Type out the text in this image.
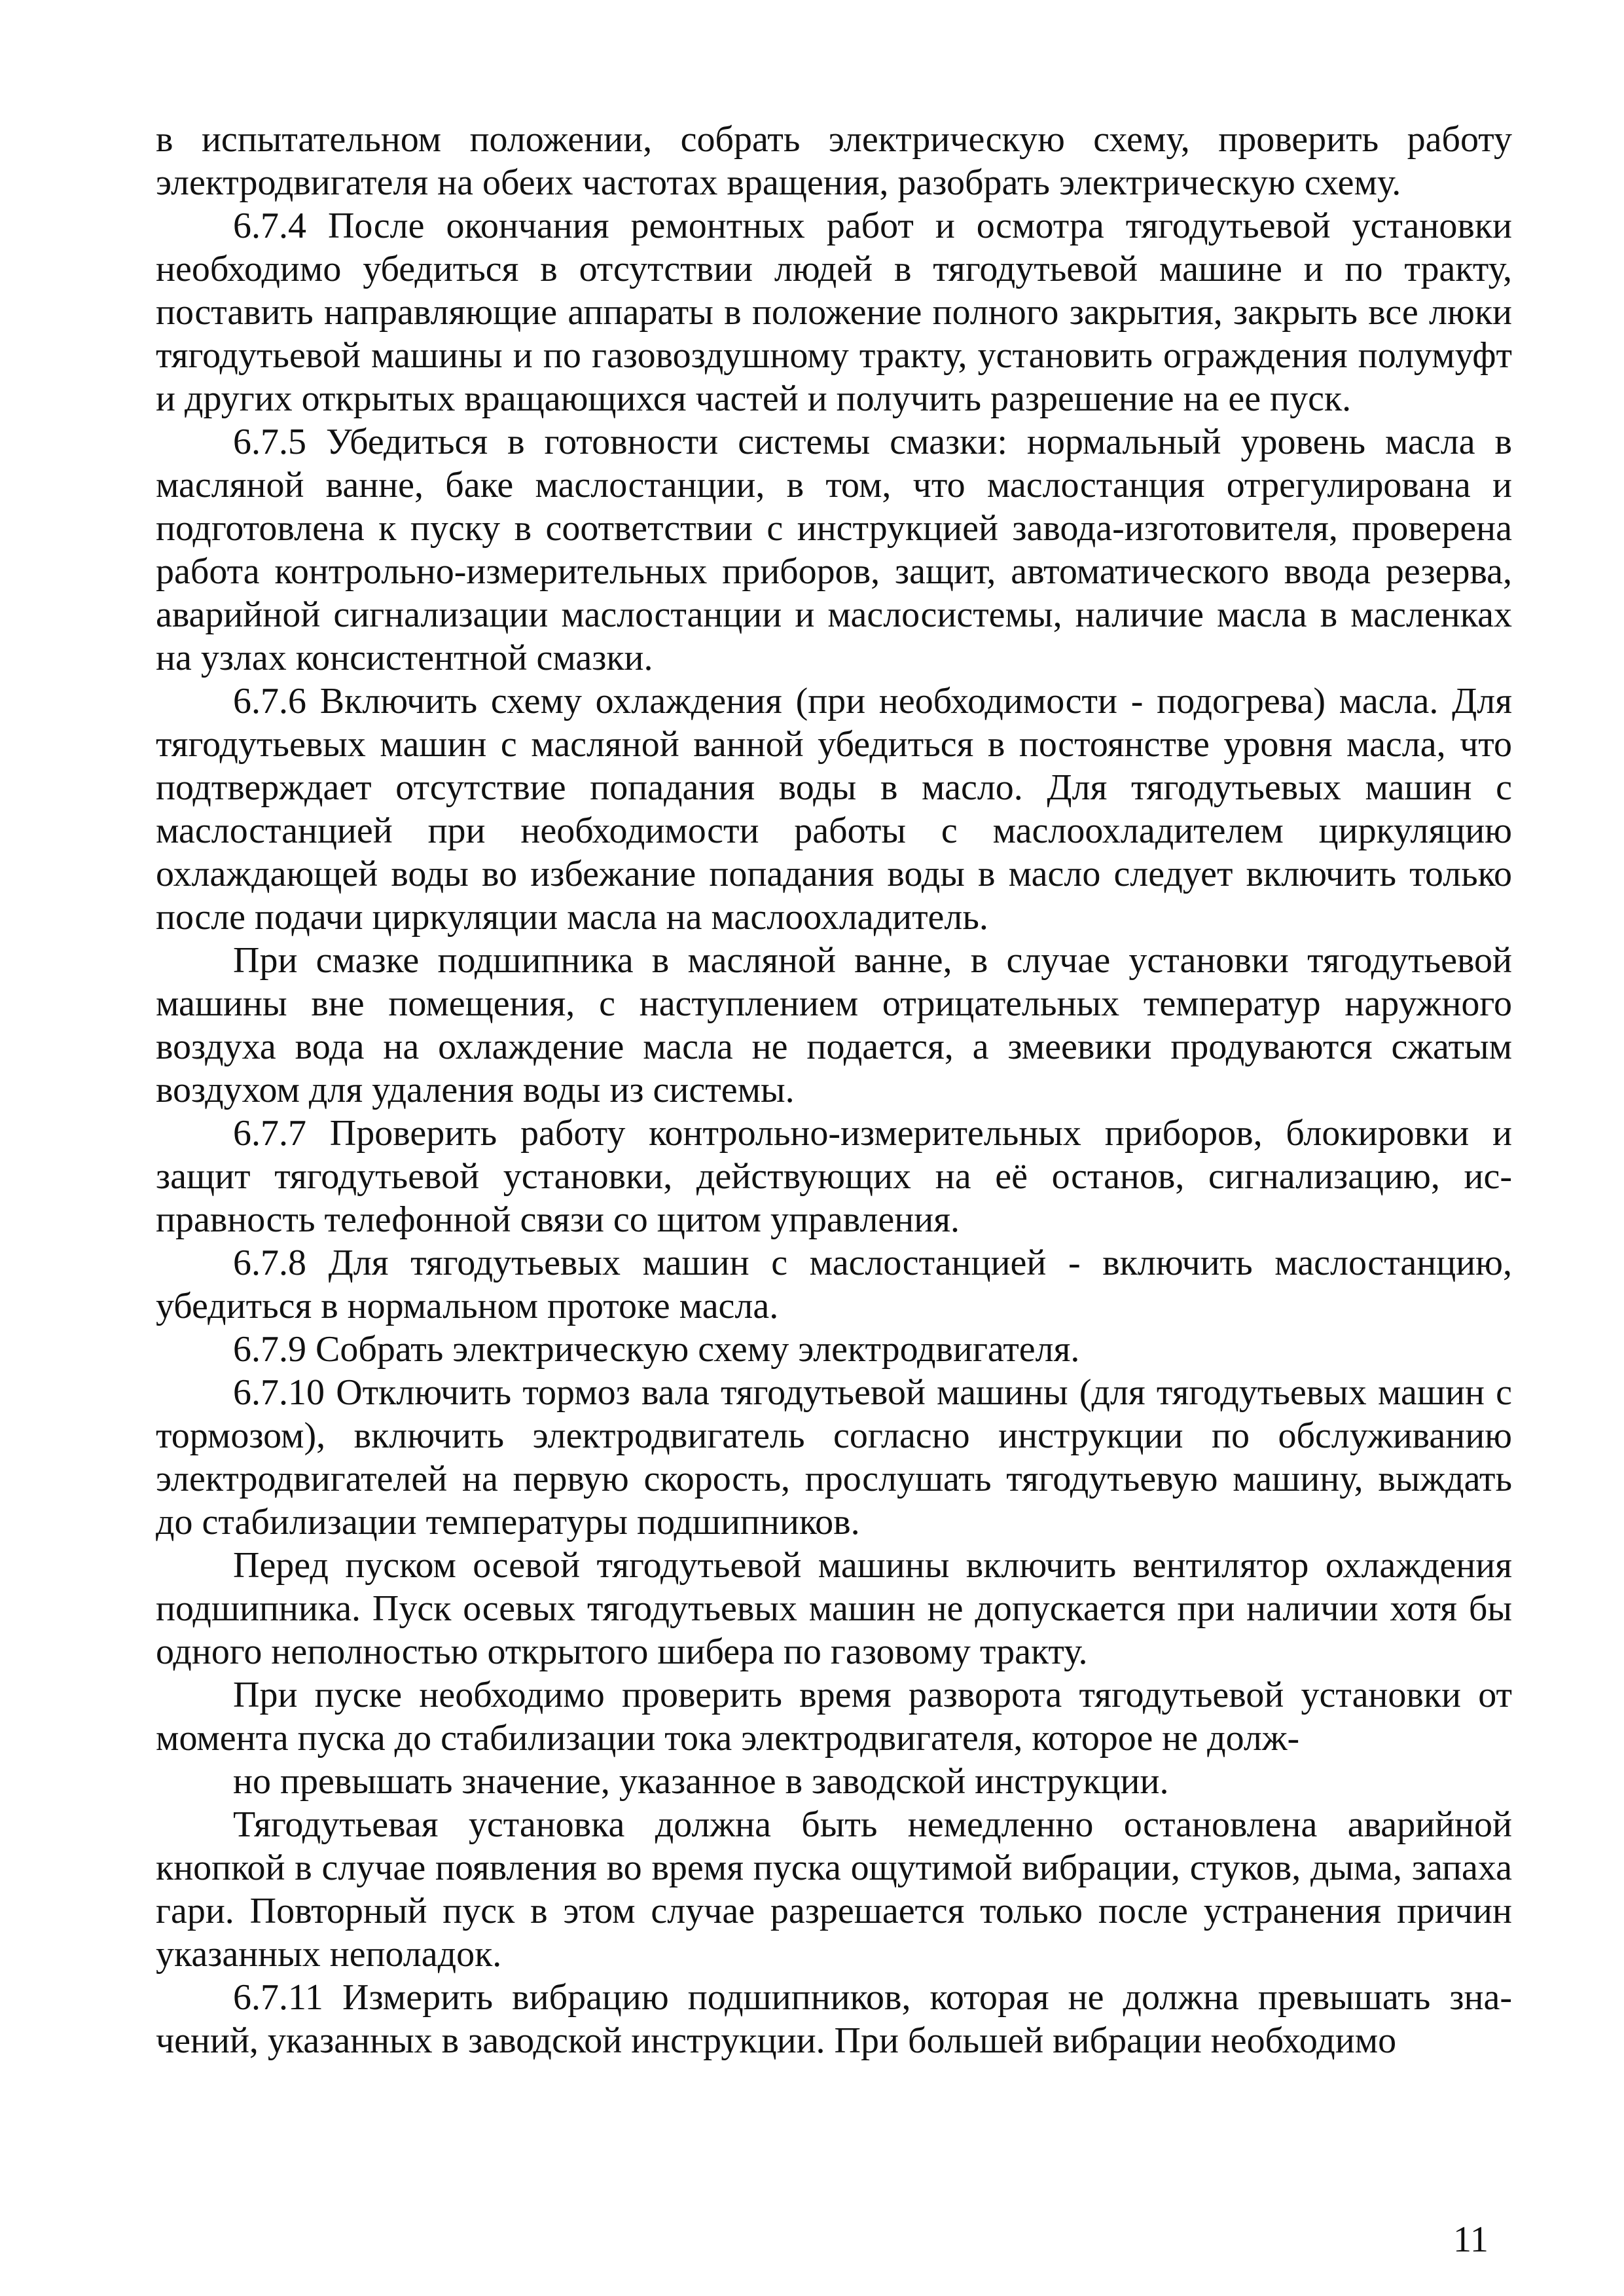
в испытательном положении, собрать электрическую схему, проверить работу электродвигателя на обеих частотах вращения, разобрать электрическую схему.

6.7.4 После окончания ремонтных работ и осмотра тягодутьевой установки необходимо убедиться в отсутствии людей в тягодутьевой машине и по тракту, поставить направляющие аппараты в положение полного закрытия, закрыть все люки тягодутьевой машины и по газовоздушному тракту, установить ограждения полумуфт и других открытых вращающихся частей и получить разрешение на ее пуск.

6.7.5 Убедиться в готовности системы смазки: нормальный уровень масла в масляной ванне, баке маслостанции, в том, что маслостанция отрегулирована и подготовлена к пуску в соответствии с инструкцией завода-изготовителя, проверена работа контрольно-измерительных приборов, защит, автоматического ввода резерва, аварийной сигнализации маслостанции и маслосистемы, наличие масла в масленках на узлах консистентной смазки.

6.7.6 Включить схему охлаждения (при необходимости - подогрева) масла. Для тягодутьевых машин с масляной ванной убедиться в постоянстве уровня масла, что подтверждает отсутствие попадания воды в масло. Для тягодутьевых машин с маслостанцией при необходимости работы с маслоохладителем циркуляцию охлаждающей воды во избежание попадания воды в масло следует включить только после подачи циркуляции масла на маслоохладитель.

При смазке подшипника в масляной ванне, в случае установки тягодутьевой машины вне помещения, с наступлением отрицательных температур наружного воздуха вода на охлаждение масла не подается, а змеевики продуваются сжатым воздухом для удаления воды из системы.

6.7.7 Проверить работу контрольно-измерительных приборов, блокировки и защит тягодутьевой установки, действующих на её останов, сигнализацию, исправность телефонной связи со щитом управления.

6.7.8 Для тягодутьевых машин с маслостанцией - включить маслостанцию, убедиться в нормальном протоке масла.

6.7.9 Собрать электрическую схему электродвигателя.

6.7.10 Отключить тормоз вала тягодутьевой машины (для тягодутьевых машин с тормозом), включить электродвигатель согласно инструкции по обслуживанию электродвигателей на первую скорость, прослушать тягодутьевую машину, выждать до стабилизации температуры подшипников.

Перед пуском осевой тягодутьевой машины включить вентилятор охлаждения подшипника. Пуск осевых тягодутьевых машин не допускается при наличии хотя бы одного неполностью открытого шибера по газовому тракту.

При пуске необходимо проверить время разворота тягодутьевой установки от момента пуска до стабилизации тока электродвигателя, которое не долж-

но превышать значение, указанное в заводской инструкции.

Тягодутьевая установка должна быть немедленно остановлена аварийной кнопкой в случае появления во время пуска ощутимой вибрации, стуков, дыма, запаха гари. Повторный пуск в этом случае разрешается только после устранения причин указанных неполадок.

6.7.11 Измерить вибрацию подшипников, которая не должна превышать значений, указанных в заводской инструкции. При большей вибрации необходимо

11
